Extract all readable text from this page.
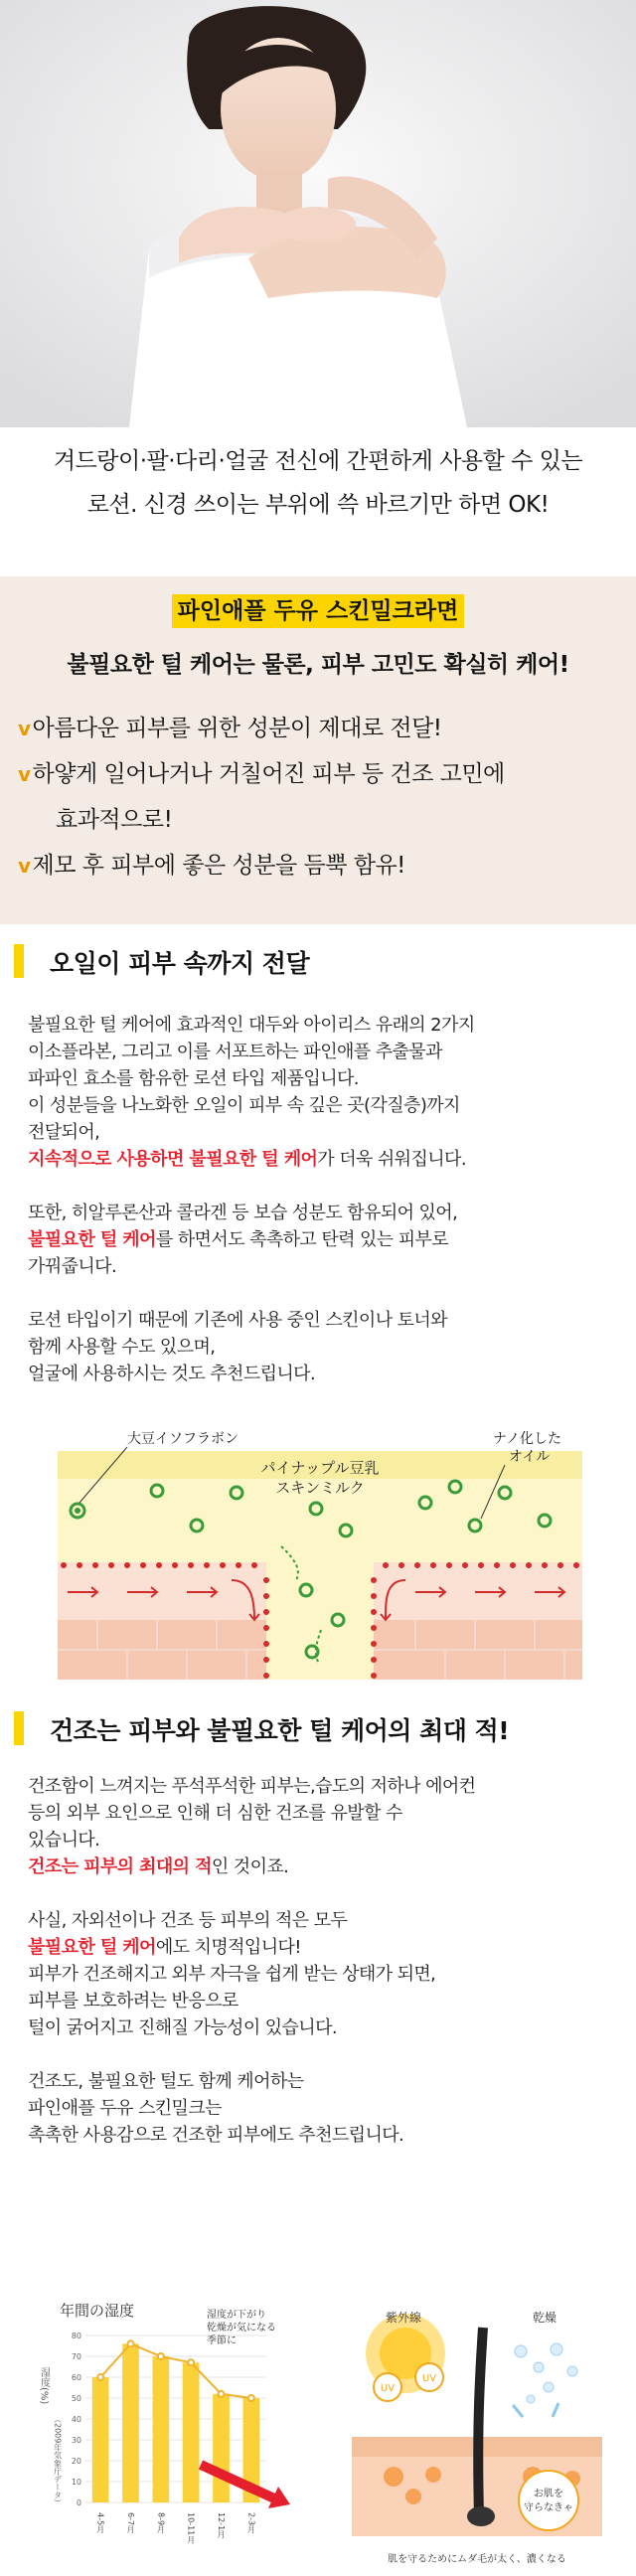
겨드랑이·팔·다리·얼굴 전신에 간편하게 사용할 수 있는
로션. 신경 쓰이는 부위에 쓱 바르기만 하면 OK!
파인애플 두유 스킨밀크라면
불필요한 털 케어는 물론, 피부 고민도 확실히 케어!
v아름다운 피부를 위한 성분이 제대로 전달!
v하얗게 일어나거나 거칠어진 피부 등 건조 고민에
효과적으로!
v제모 후 피부에 좋은 성분을 듬뿍 함유!
오일이 피부 속까지 전달

불필요한 털 케어에 효과적인 대두와 아이리스 유래의 2가지

이소플라본, 그리고 이를 서포트하는 파인애플 추출물과

파파인 효소를 함유한 로션 타입 제품입니다.

이 성분들을 나노화한 오일이 피부 속 깊은 곳(각질층)까지

전달되어,

지속적으로 사용하면 불필요한 털 케어가 더욱 쉬워집니다.

또한, 히알루론산과 콜라겐 등 보습 성분도 함유되어 있어,

불필요한 털 케어를 하면서도 촉촉하고 탄력 있는 피부로

가꿔줍니다.

로션 타입이기 때문에 기존에 사용 중인 스킨이나 토너와

함께 사용할 수도 있으며,

얼굴에 사용하시는 것도 추천드립니다.

大豆イソフラボン	ナノ化した
オイル
パイナップル豆乳
スキンミルク
건조는 피부와 불필요한 털 케어의 최대 적!

건조함이 느껴지는 푸석푸석한 피부는,습도의 저하나 에어컨

등의 외부 요인으로 인해 더 심한 건조를 유발할 수

있습니다.

건조는 피부의 최대의 적인 것이죠.

사실, 자외선이나 건조 등 피부의 적은 모두

불필요한 털 케어에도 치명적입니다!

피부가 건조해지고 외부 자극을 쉽게 받는 상태가 되면,

피부를 보호하려는 반응으로

털이 굵어지고 진해질 가능성이 있습니다.

건조도, 불필요한 털도 함께 케어하는

파인애플 두유 스킨밀크는

촉촉한 사용감으로 건조한 피부에도 추천드립니다.

年間の湿度
湿度(%)
（2009年気象庁データ） 0
10
20
30
40
50
60
70
80
4-5月	6-7月	8-9月	10-11月	12-1月	2-3月
湿度が下がり
乾燥が気になる
季節に
紫外線	乾燥
UV
UV
お肌を
守らなきゃ
肌を守るためにムダ毛が太く、濃くなる
